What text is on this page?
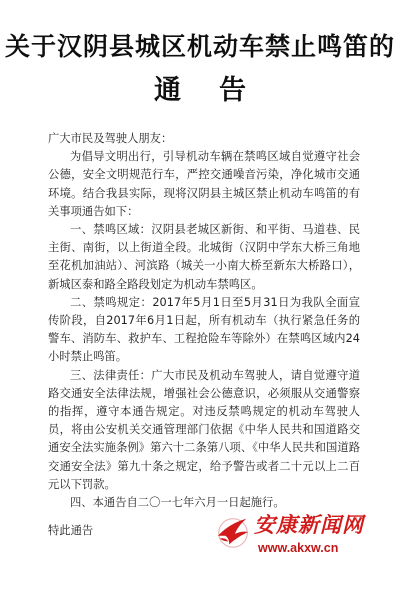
关于汉阴县城区机动车禁止鸣笛的
通告

广大市民及驾驶人朋友：

为倡导文明出行，引导机动车辆在禁鸣区域自觉遵守社会公德，安全文明规范行车，严控交通噪音污染，净化城市交通环境。结合我县实际，现将汉阴县主城区禁止机动车鸣笛的有关事项通告如下：

一、禁鸣区域：汉阴县老城区新街、和平街、马道巷、民主街、南街，以上街道全段。北城街（汉阴中学东大桥三角地至花机加油站）、河滨路（城关一小南大桥至新东大桥路口），新城区泰和路全路段划定为机动车禁鸣区。

二、禁鸣规定：2017年5月1日至5月31日为我队全面宣传阶段，自2017年6月1日起，所有机动车（执行紧急任务的警车、消防车、救护车、工程抢险车等除外）在禁鸣区域内24小时禁止鸣笛。

三、法律责任：广大市民及机动车驾驶人，请自觉遵守道路交通安全法律法规，增强社会公德意识，必须服从交通警察的指挥，遵守本通告规定。对违反禁鸣规定的机动车驾驶人员，将由公安机关交通管理部门依据《中华人民共和国道路交通安全法实施条例》第六十二条第八项、《中华人民共和国道路交通安全法》第九十条之规定，给予警告或者二十元以上二百元以下罚款。

四、本通告自二〇一七年六月一日起施行。

特此通告	安康新闻网
www.akxw.cn
